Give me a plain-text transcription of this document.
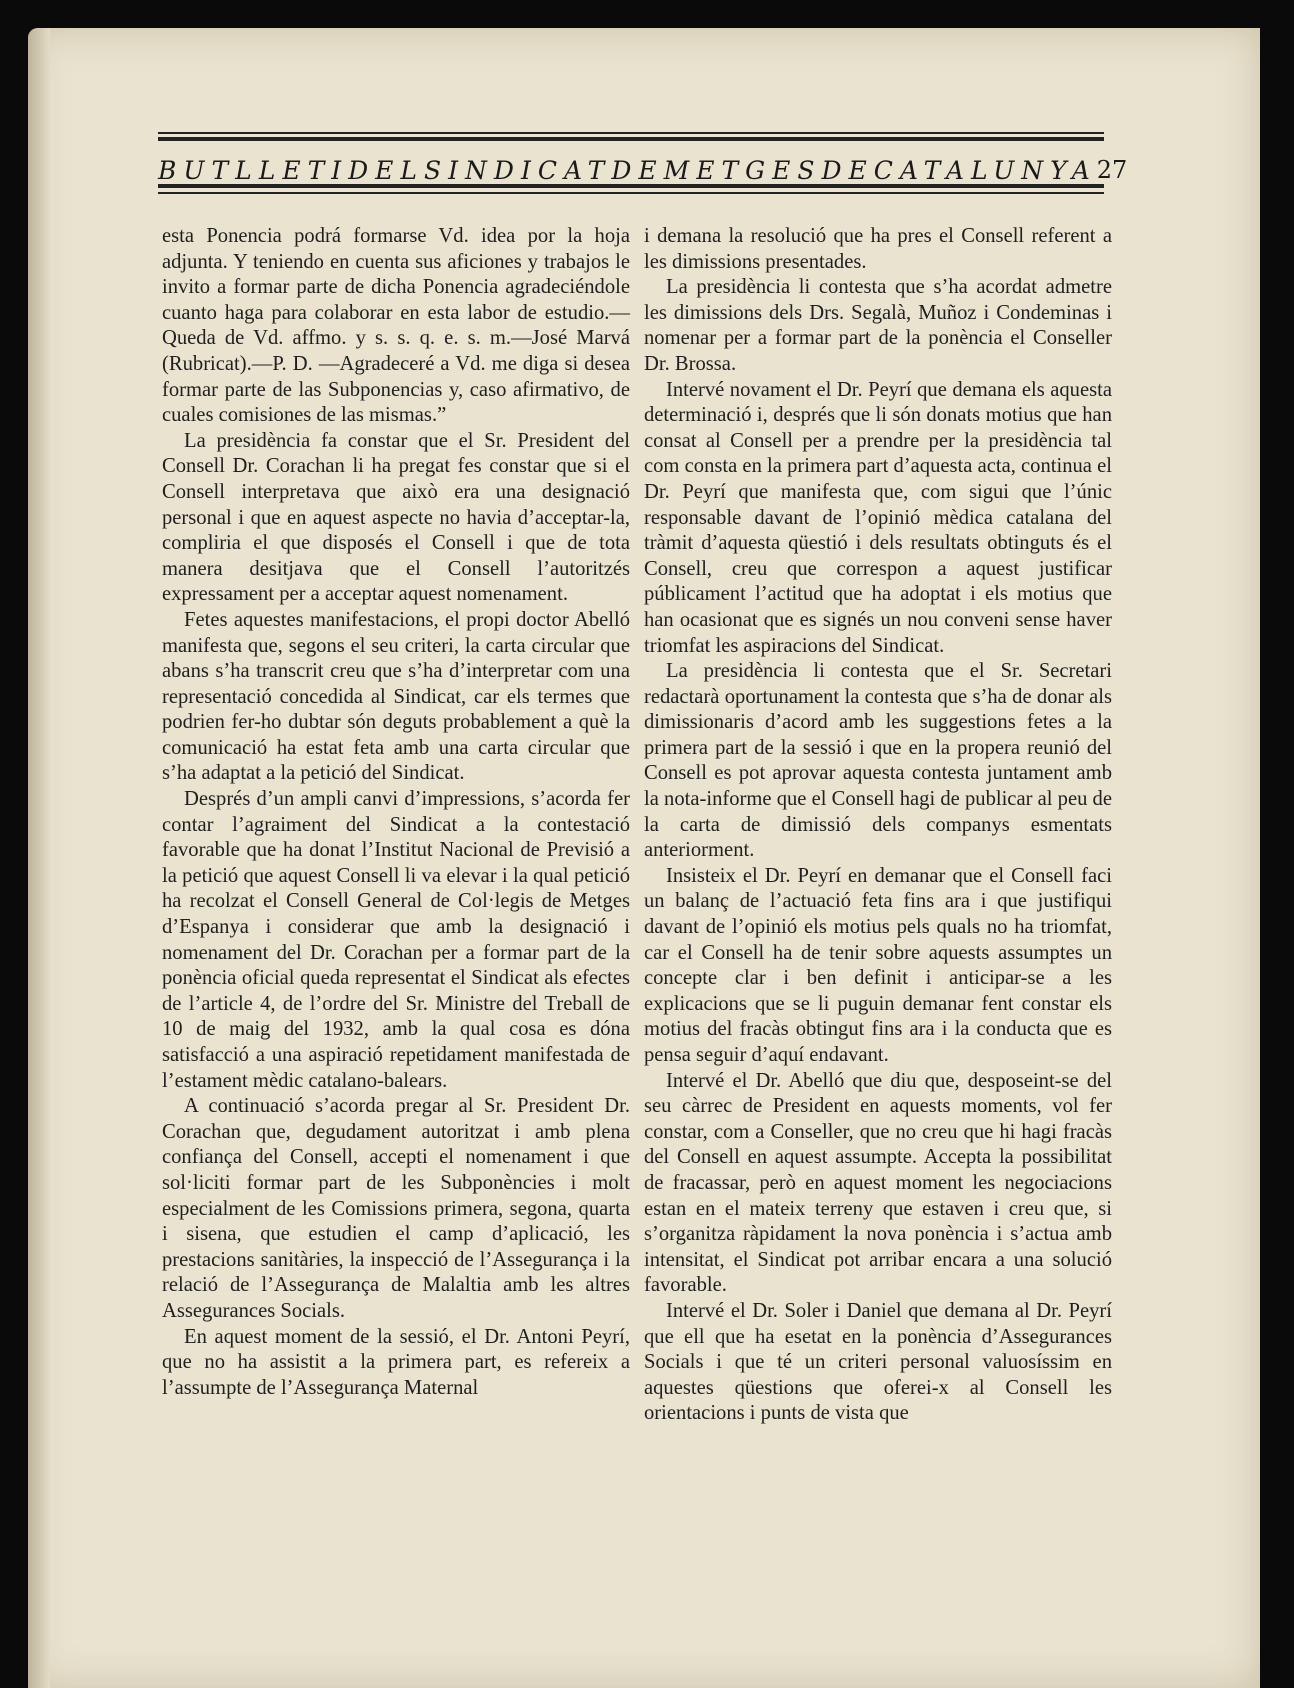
BUTLLETI DEL SINDICAT DE METGES DE CATALUNYA 27

esta Ponencia podrá formarse Vd. idea por la hoja adjunta. Y teniendo en cuenta sus aficiones y trabajos le invito a formar parte de dicha Ponencia agradeciéndole cuanto haga para colaborar en esta labor de estudio.—Queda de Vd. affmo. y s. s. q. e. s. m.—José Marvá (Rubricat).—P. D. —Agradeceré a Vd. me diga si desea formar parte de las Subponencias y, caso afirmativo, de cuales comisiones de las mismas.”

La presidència fa constar que el Sr. President del Consell Dr. Corachan li ha pregat fes constar que si el Consell interpretava que això era una designació personal i que en aquest aspecte no havia d’acceptar-la, compliria el que disposés el Consell i que de tota manera desitjava que el Consell l’autoritzés expressament per a acceptar aquest nomenament.

Fetes aquestes manifestacions, el propi doctor Abelló manifesta que, segons el seu criteri, la carta circular que abans s’ha transcrit creu que s’ha d’interpretar com una representació concedida al Sindicat, car els termes que podrien fer-ho dubtar són deguts probablement a què la comunicació ha estat feta amb una carta circular que s’ha adaptat a la petició del Sindicat.

Després d’un ampli canvi d’impressions, s’acorda fer contar l’agraiment del Sindicat a la contestació favorable que ha donat l’Institut Nacional de Previsió a la petició que aquest Consell li va elevar i la qual petició ha recolzat el Consell General de Col·legis de Metges d’Espanya i considerar que amb la designació i nomenament del Dr. Corachan per a formar part de la ponència oficial queda representat el Sindicat als efectes de l’article 4, de l’ordre del Sr. Ministre del Treball de 10 de maig del 1932, amb la qual cosa es dóna satisfacció a una aspiració repetidament manifestada de l’estament mèdic catalano-balears.

A continuació s’acorda pregar al Sr. President Dr. Corachan que, degudament autoritzat i amb plena confiança del Consell, accepti el nomenament i que sol·liciti formar part de les Subponències i molt especialment de les Comissions primera, segona, quarta i sisena, que estudien el camp d’aplicació, les prestacions sanitàries, la inspecció de l’Assegurança i la relació de l’Assegurança de Malaltia amb les altres Assegurances Socials.

En aquest moment de la sessió, el Dr. Antoni Peyrí, que no ha assistit a la primera part, es refereix a l’assumpte de l’Assegurança Maternal

i demana la resolució que ha pres el Consell referent a les dimissions presentades.

La presidència li contesta que s’ha acordat admetre les dimissions dels Drs. Segalà, Muñoz i Condeminas i nomenar per a formar part de la ponència el Conseller Dr. Brossa.

Intervé novament el Dr. Peyrí que demana els aquesta determinació i, després que li són donats motius que han consat al Consell per a prendre per la presidència tal com consta en la primera part d’aquesta acta, continua el Dr. Peyrí que manifesta que, com sigui que l’únic responsable davant de l’opinió mèdica catalana del tràmit d’aquesta qüestió i dels resultats obtinguts és el Consell, creu que correspon a aquest justificar públicament l’actitud que ha adoptat i els motius que han ocasionat que es signés un nou conveni sense haver triomfat les aspiracions del Sindicat.

La presidència li contesta que el Sr. Secretari redactarà oportunament la contesta que s’ha de donar als dimissionaris d’acord amb les suggestions fetes a la primera part de la sessió i que en la propera reunió del Consell es pot aprovar aquesta contesta juntament amb la nota-informe que el Consell hagi de publicar al peu de la carta de dimissió dels companys esmentats anteriorment.

Insisteix el Dr. Peyrí en demanar que el Consell faci un balanç de l’actuació feta fins ara i que justifiqui davant de l’opinió els motius pels quals no ha triomfat, car el Consell ha de tenir sobre aquests assumptes un concepte clar i ben definit i anticipar-se a les explicacions que se li puguin demanar fent constar els motius del fracàs obtingut fins ara i la conducta que es pensa seguir d’aquí endavant.

Intervé el Dr. Abelló que diu que, desposeint-se del seu càrrec de President en aquests moments, vol fer constar, com a Conseller, que no creu que hi hagi fracàs del Consell en aquest assumpte. Accepta la possibilitat de fracassar, però en aquest moment les negociacions estan en el mateix terreny que estaven i creu que, si s’organitza ràpidament la nova ponència i s’actua amb intensitat, el Sindicat pot arribar encara a una solució favorable.

Intervé el Dr. Soler i Daniel que demana al Dr. Peyrí que ell que ha esetat en la ponència d’Assegurances Socials i que té un criteri personal valuosíssim en aquestes qüestions que oferei-x al Consell les orientacions i punts de vista que
